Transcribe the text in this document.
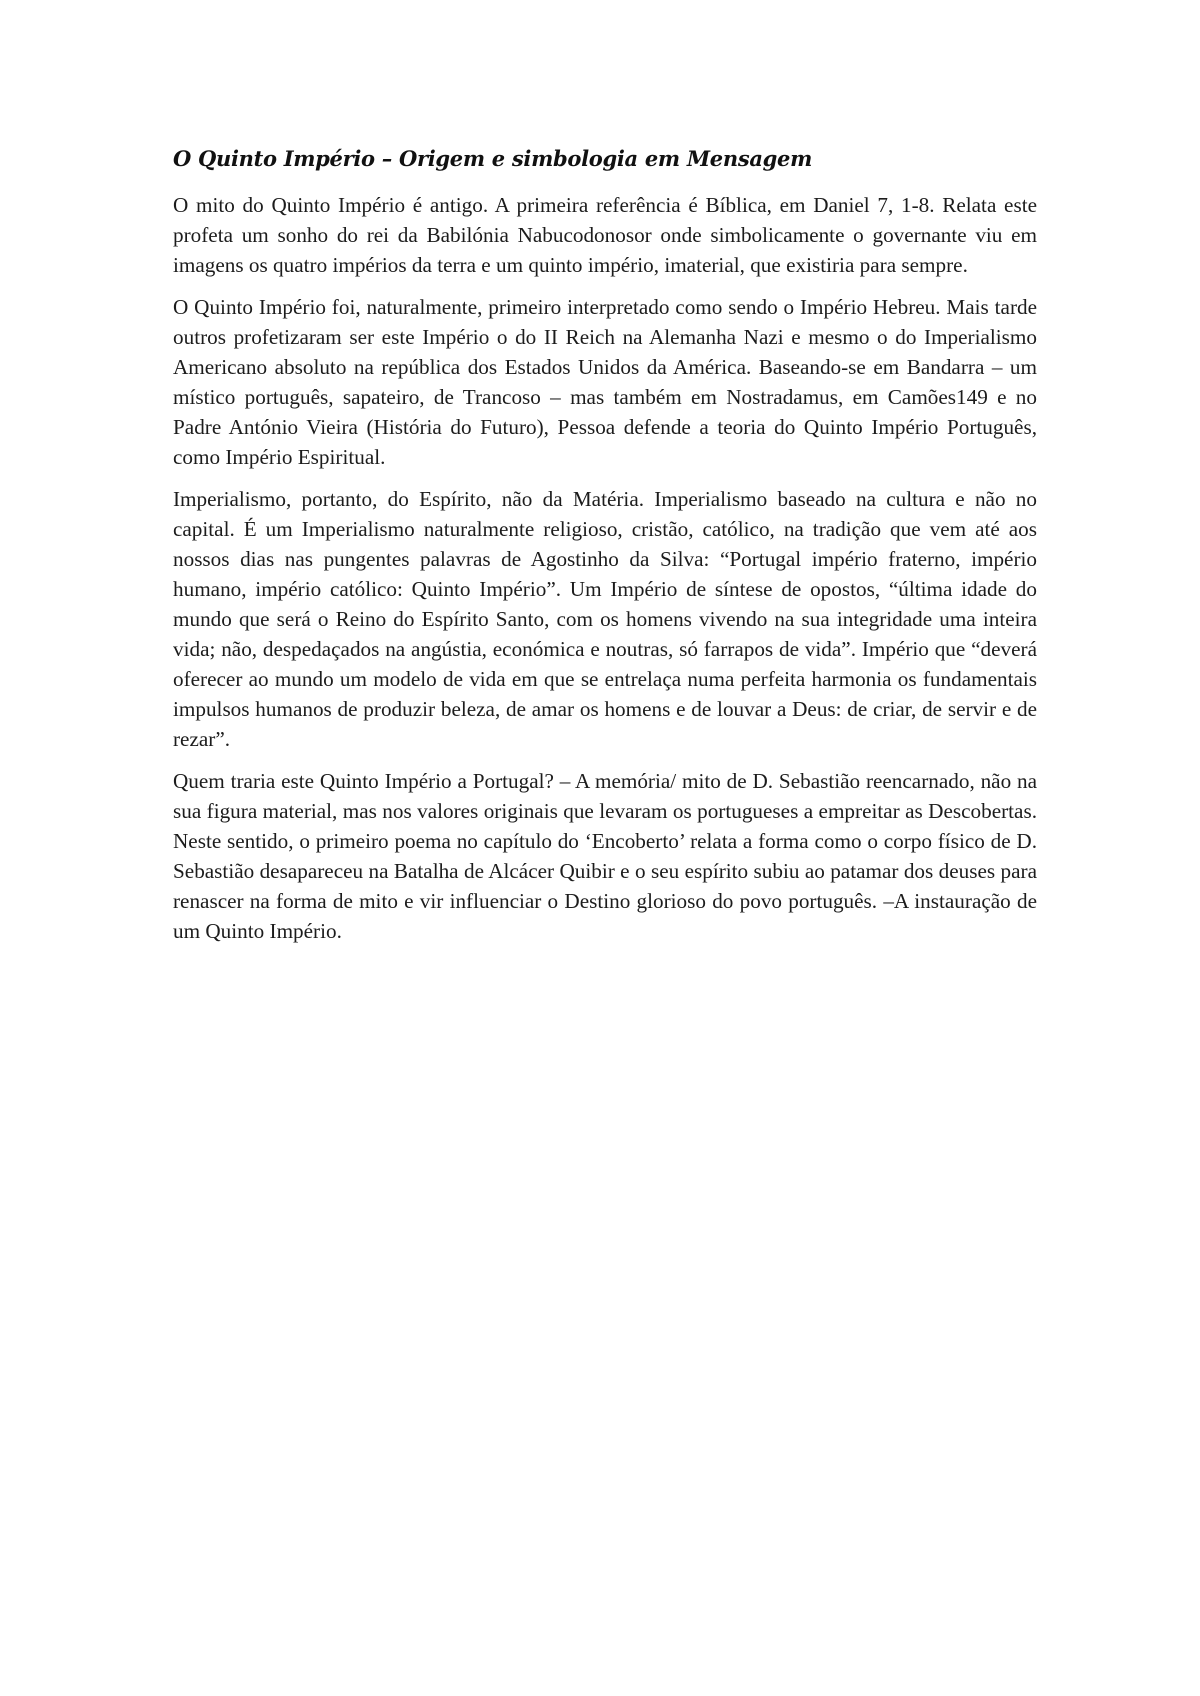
O Quinto Império – Origem e simbologia em Mensagem

O mito do Quinto Império é antigo. A primeira referência é Bíblica, em Daniel 7, 1-8. Relata este profeta um sonho do rei da Babilónia Nabucodonosor onde simbolicamente o governante viu em imagens os quatro impérios da terra e um quinto império, imaterial, que existiria para sempre.

O Quinto Império foi, naturalmente, primeiro interpretado como sendo o Império Hebreu. Mais tarde outros profetizaram ser este Império o do II Reich na Alemanha Nazi e mesmo o do Imperialismo Americano absoluto na república dos Estados Unidos da América. Baseando-se em Bandarra – um místico português, sapateiro, de Trancoso – mas também em Nostradamus, em Camões149 e no Padre António Vieira (História do Futuro), Pessoa defende a teoria do Quinto Império Português, como Império Espiritual.

Imperialismo, portanto, do Espírito, não da Matéria. Imperialismo baseado na cultura e não no capital. É um Imperialismo naturalmente religioso, cristão, católico, na tradição que vem até aos nossos dias nas pungentes palavras de Agostinho da Silva: “Portugal império fraterno, império humano, império católico: Quinto Império”. Um Império de síntese de opostos, “última idade do mundo que será o Reino do Espírito Santo, com os homens vivendo na sua integridade uma inteira vida; não, despedaçados na angústia, económica e noutras, só farrapos de vida”. Império que “deverá oferecer ao mundo um modelo de vida em que se entrelaça numa perfeita harmonia os fundamentais impulsos humanos de produzir beleza, de amar os homens e de louvar a Deus: de criar, de servir e de rezar”.

Quem traria este Quinto Império a Portugal? – A memória/ mito de D. Sebastião reencarnado, não na sua figura material, mas nos valores originais que levaram os portugueses a empreitar as Descobertas. Neste sentido, o primeiro poema no capítulo do ‘Encoberto’ relata a forma como o corpo físico de D. Sebastião desapareceu na Batalha de Alcácer Quibir e o seu espírito subiu ao patamar dos deuses para renascer na forma de mito e vir influenciar o Destino glorioso do povo português. –A instauração de um Quinto Império.
